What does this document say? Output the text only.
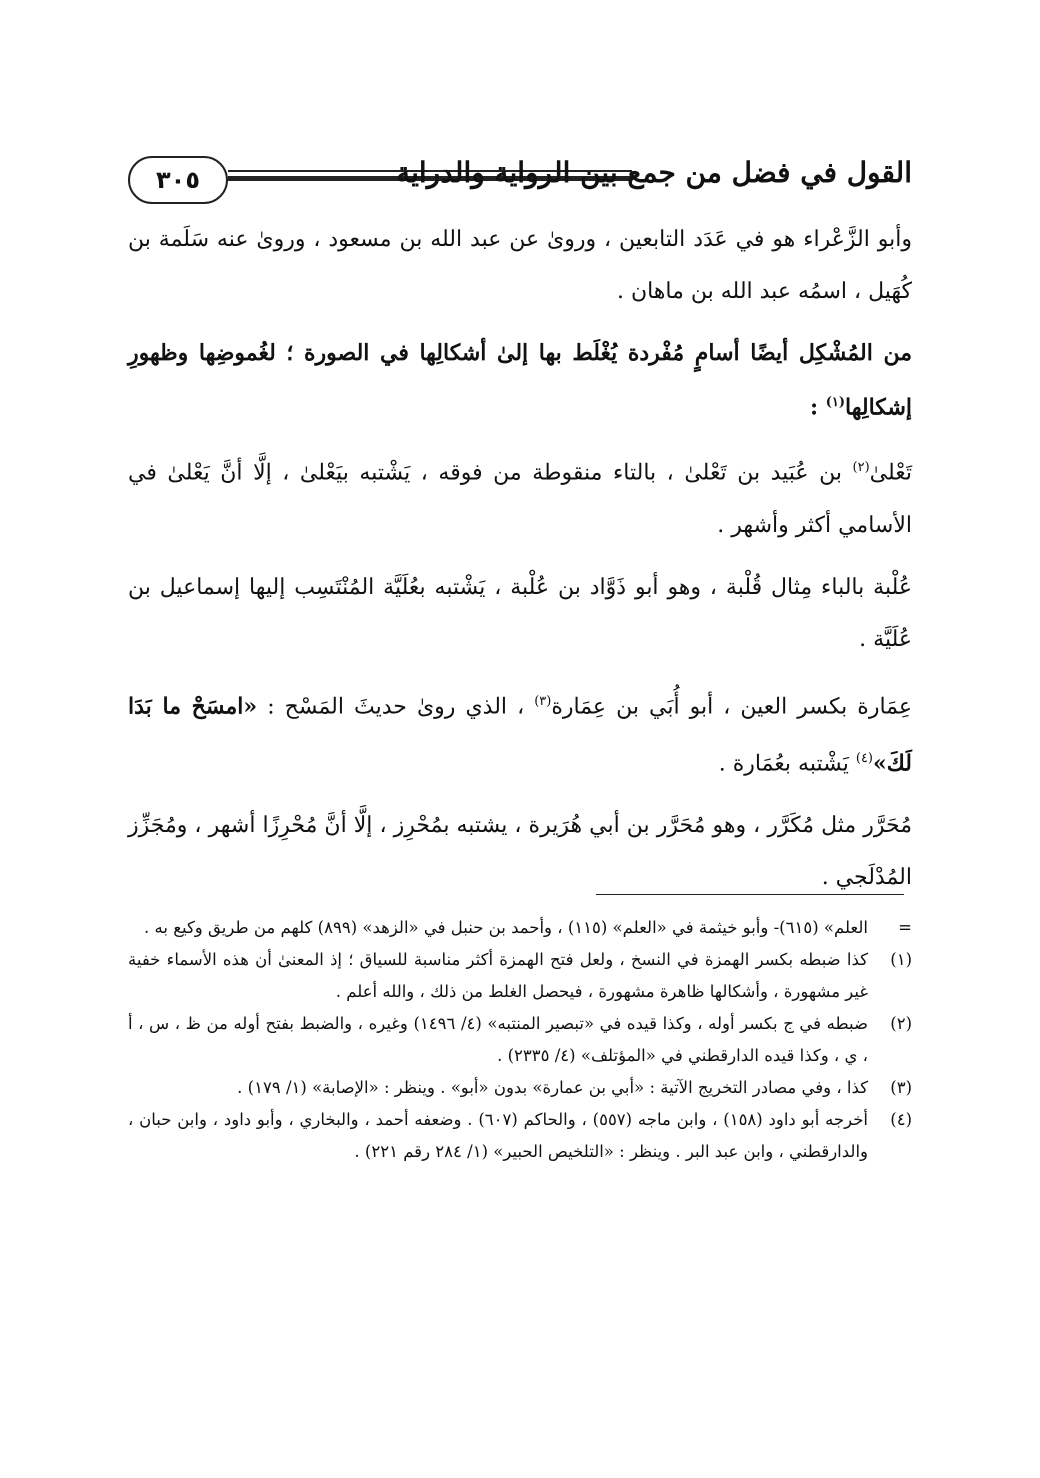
٣٠٥	القول في فضل من جمع بين الرواية والدراية

وأبو الزَّعْراء هو في عَدَد التابعين ، وروىٰ عن عبد الله بن مسعود ، وروىٰ عنه سَلَمة بن كُهَيل ، اسمُه عبد الله بن ماهان .

من المُشْكِل أيضًا أسامٍ مُفْردة يُغْلَط بها إلىٰ أشكالِها في الصورة ؛ لغُموضِها وظهورِ إشكالِها$^{(١)}$ :

تَعْلىٰ$^{(٢)}$ بن عُبَيد بن تَعْلىٰ ، بالتاء منقوطة من فوقه ، يَشْتبه بيَعْلىٰ ، إلَّا أنَّ يَعْلىٰ في الأسامي أكثر وأشهر .

عُلْبة بالباء مِثال قُلْبة ، وهو أبو ذَوَّاد بن عُلْبة ، يَشْتبه بعُلَيَّة المُنْتَسِب إليها إسماعيل بن عُلَيَّة .

عِمَارة بكسر العين ، أبو أُبَي بن عِمَارة$^{(٣)}$ ، الذي روىٰ حديثَ المَسْح : «امسَحْ ما بَدَا لَكَ»$^{(٤)}$ يَشْتبه بعُمَارة .

مُحَرَّر مثل مُكَرَّر ، وهو مُحَرَّر بن أبي هُرَيرة ، يشتبه بمُحْرِز ، إلَّا أنَّ مُحْرِزًا أشهر ، ومُجَزِّز المُدْلَجي .

=
العلم» (٦١٥)- وأبو خيثمة في «العلم» (١١٥) ، وأحمد بن حنبل في «الزهد» (٨٩٩) كلهم من طريق وكيع به .

(١)
كذا ضبطه بكسر الهمزة في النسخ ، ولعل فتح الهمزة أكثر مناسبة للسياق ؛ إذ المعنىٰ أن هذه الأسماء خفية غير مشهورة ، وأشكالها ظاهرة مشهورة ، فيحصل الغلط من ذلك ، والله أعلم .

(٢)
ضبطه في ج بكسر أوله ، وكذا قيده في «تبصير المنتبه» (٤/ ١٤٩٦) وغيره ، والضبط بفتح أوله من ظ ، س ، أ ، ي ، وكذا قيده الدارقطني في «المؤتلف» (٤/ ٢٣٣٥) .

(٣)
كذا ، وفي مصادر التخريج الآتية : «أبي بن عمارة» بدون «أبو» . وينظر : «الإصابة» (١/ ١٧٩) .

(٤)
أخرجه أبو داود (١٥٨) ، وابن ماجه (٥٥٧) ، والحاكم (٦٠٧) . وضعفه أحمد ، والبخاري ، وأبو داود ، وابن حبان ، والدارقطني ، وابن عبد البر . وينظر : «التلخيص الحبير» (١/ ٢٨٤ رقم ٢٢١) .
